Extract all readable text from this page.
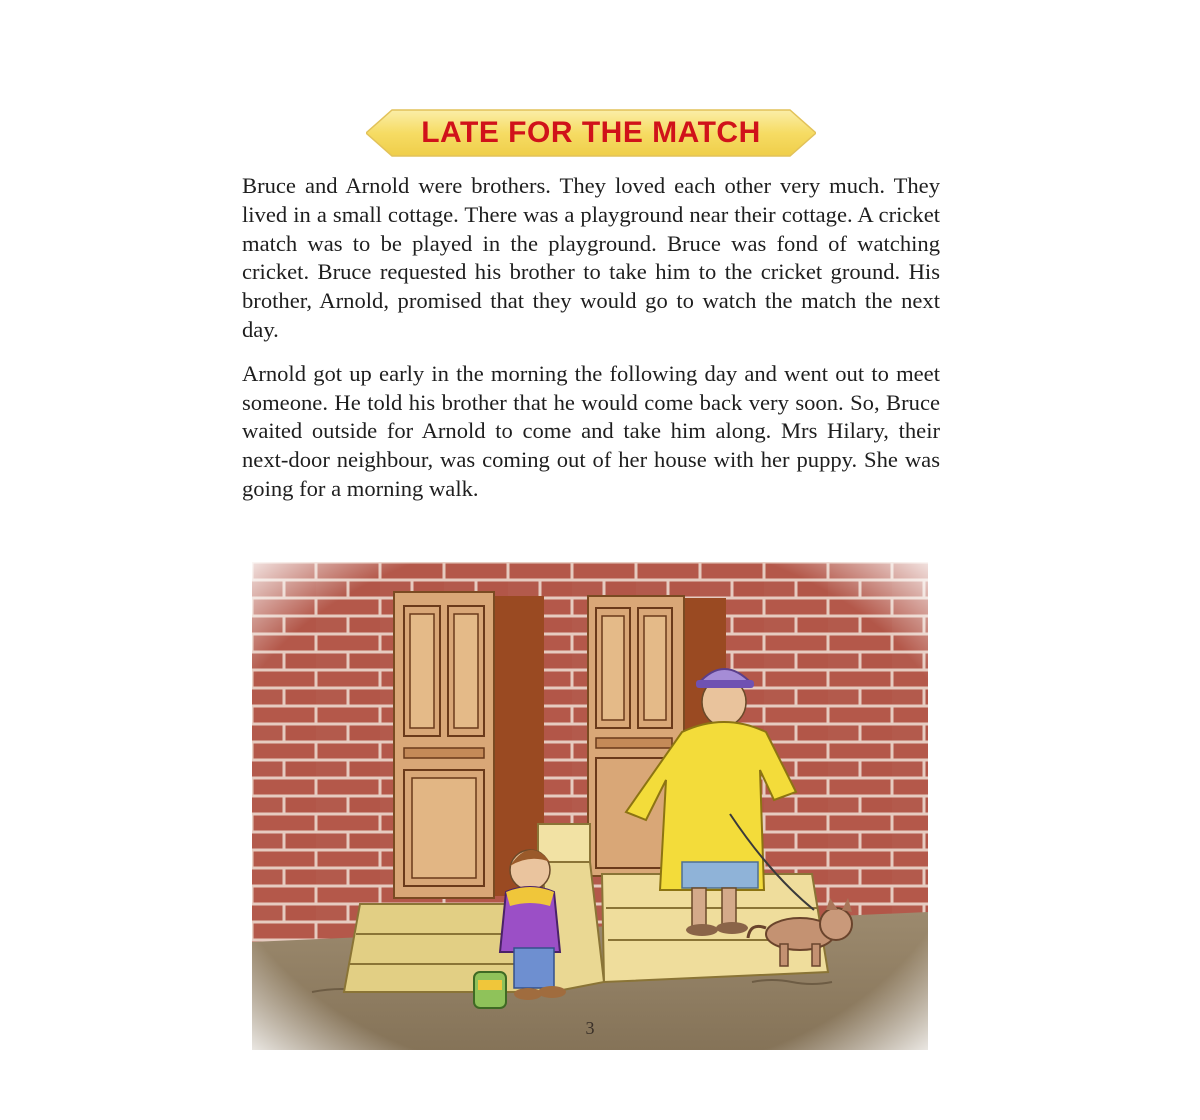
LATE FOR THE MATCH

Bruce and Arnold were brothers. They loved each other very much. They lived in a small cottage. There was a playground near their cottage. A cricket match was to be played in the playground. Bruce was fond of watching cricket. Bruce requested his brother to take him to the cricket ground. His brother, Arnold, promised that they would go to watch the match the next day.

Arnold got up early in the morning the following day and went out to meet someone. He told his brother that he would come back very soon. So, Bruce waited outside for Arnold to come and take him along. Mrs Hilary, their next-door neighbour, was coming out of her house with her puppy. She was going for a morning walk.

3
